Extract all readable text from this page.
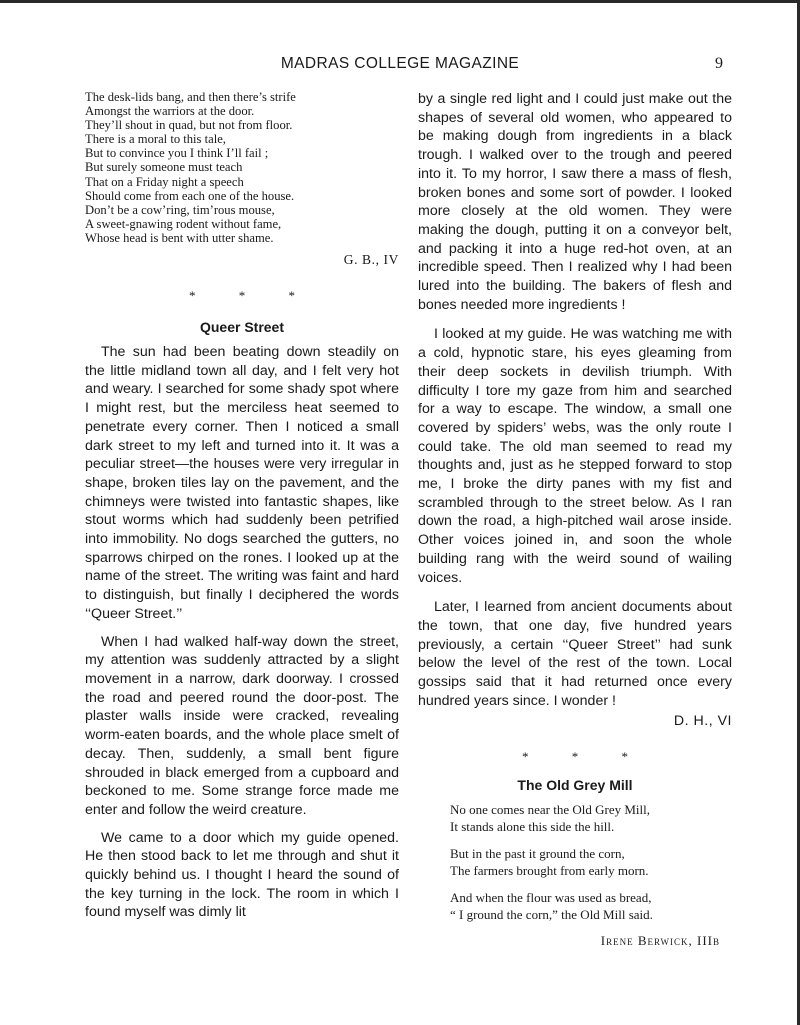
MADRAS COLLEGE MAGAZINE	9
The desk-lids bang, and then there’s strife
Amongst the warriors at the door.
They’ll shout in quad, but not from floor.
There is a moral to this tale,
But to convince you I think I’ll fail ;
But surely someone must teach
That on a Friday night a speech
Should come from each one of the house.
Don’t be a cow’ring, tim’rous mouse,
A sweet-gnawing rodent without fame,
Whose head is bent with utter shame.
G. B., IV
* * *
Queer Street

The sun had been beating down steadily on the little midland town all day, and I felt very hot and weary. I searched for some shady spot where I might rest, but the merciless heat seemed to penetrate every corner. Then I noticed a small dark street to my left and turned into it. It was a peculiar street—the houses were very irregular in shape, broken tiles lay on the pavement, and the chimneys were twisted into fantastic shapes, like stout worms which had suddenly been petrified into immobility. No dogs searched the gutters, no sparrows chirped on the rones. I looked up at the name of the street. The writing was faint and hard to distinguish, but finally I deciphered the words ‘‘Queer Street.’’

When I had walked half-way down the street, my attention was suddenly attracted by a slight movement in a narrow, dark doorway. I crossed the road and peered round the door-post. The plaster walls inside were cracked, revealing worm-eaten boards, and the whole place smelt of decay. Then, suddenly, a small bent figure shrouded in black emerged from a cupboard and beckoned to me. Some strange force made me enter and follow the weird creature.

We came to a door which my guide opened. He then stood back to let me through and shut it quickly behind us. I thought I heard the sound of the key turning in the lock. The room in which I found myself was dimly lit

by a single red light and I could just make out the shapes of several old women, who appeared to be making dough from ingredients in a black trough. I walked over to the trough and peered into it. To my horror, I saw there a mass of flesh, broken bones and some sort of powder. I looked more closely at the old women. They were making the dough, putting it on a conveyor belt, and packing it into a huge red-hot oven, at an incredible speed. Then I realized why I had been lured into the building. The bakers of flesh and bones needed more ingredients !

I looked at my guide. He was watching me with a cold, hypnotic stare, his eyes gleaming from their deep sockets in devilish triumph. With difficulty I tore my gaze from him and searched for a way to escape. The window, a small one covered by spiders’ webs, was the only route I could take. The old man seemed to read my thoughts and, just as he stepped forward to stop me, I broke the dirty panes with my fist and scrambled through to the street below. As I ran down the road, a high-pitched wail arose inside. Other voices joined in, and soon the whole building rang with the weird sound of wailing voices.

Later, I learned from ancient documents about the town, that one day, five hundred years previously, a certain ‘‘Queer Street’’ had sunk below the level of the rest of the town. Local gossips said that it had returned once every hundred years since. I wonder !

D. H., VI
* * *
The Old Grey Mill
No one comes near the Old Grey Mill,
It stands alone this side the hill.
But in the past it ground the corn,
The farmers brought from early morn.
And when the flour was used as bread,
“ I ground the corn,” the Old Mill said.
Irene Berwick, IIIb
